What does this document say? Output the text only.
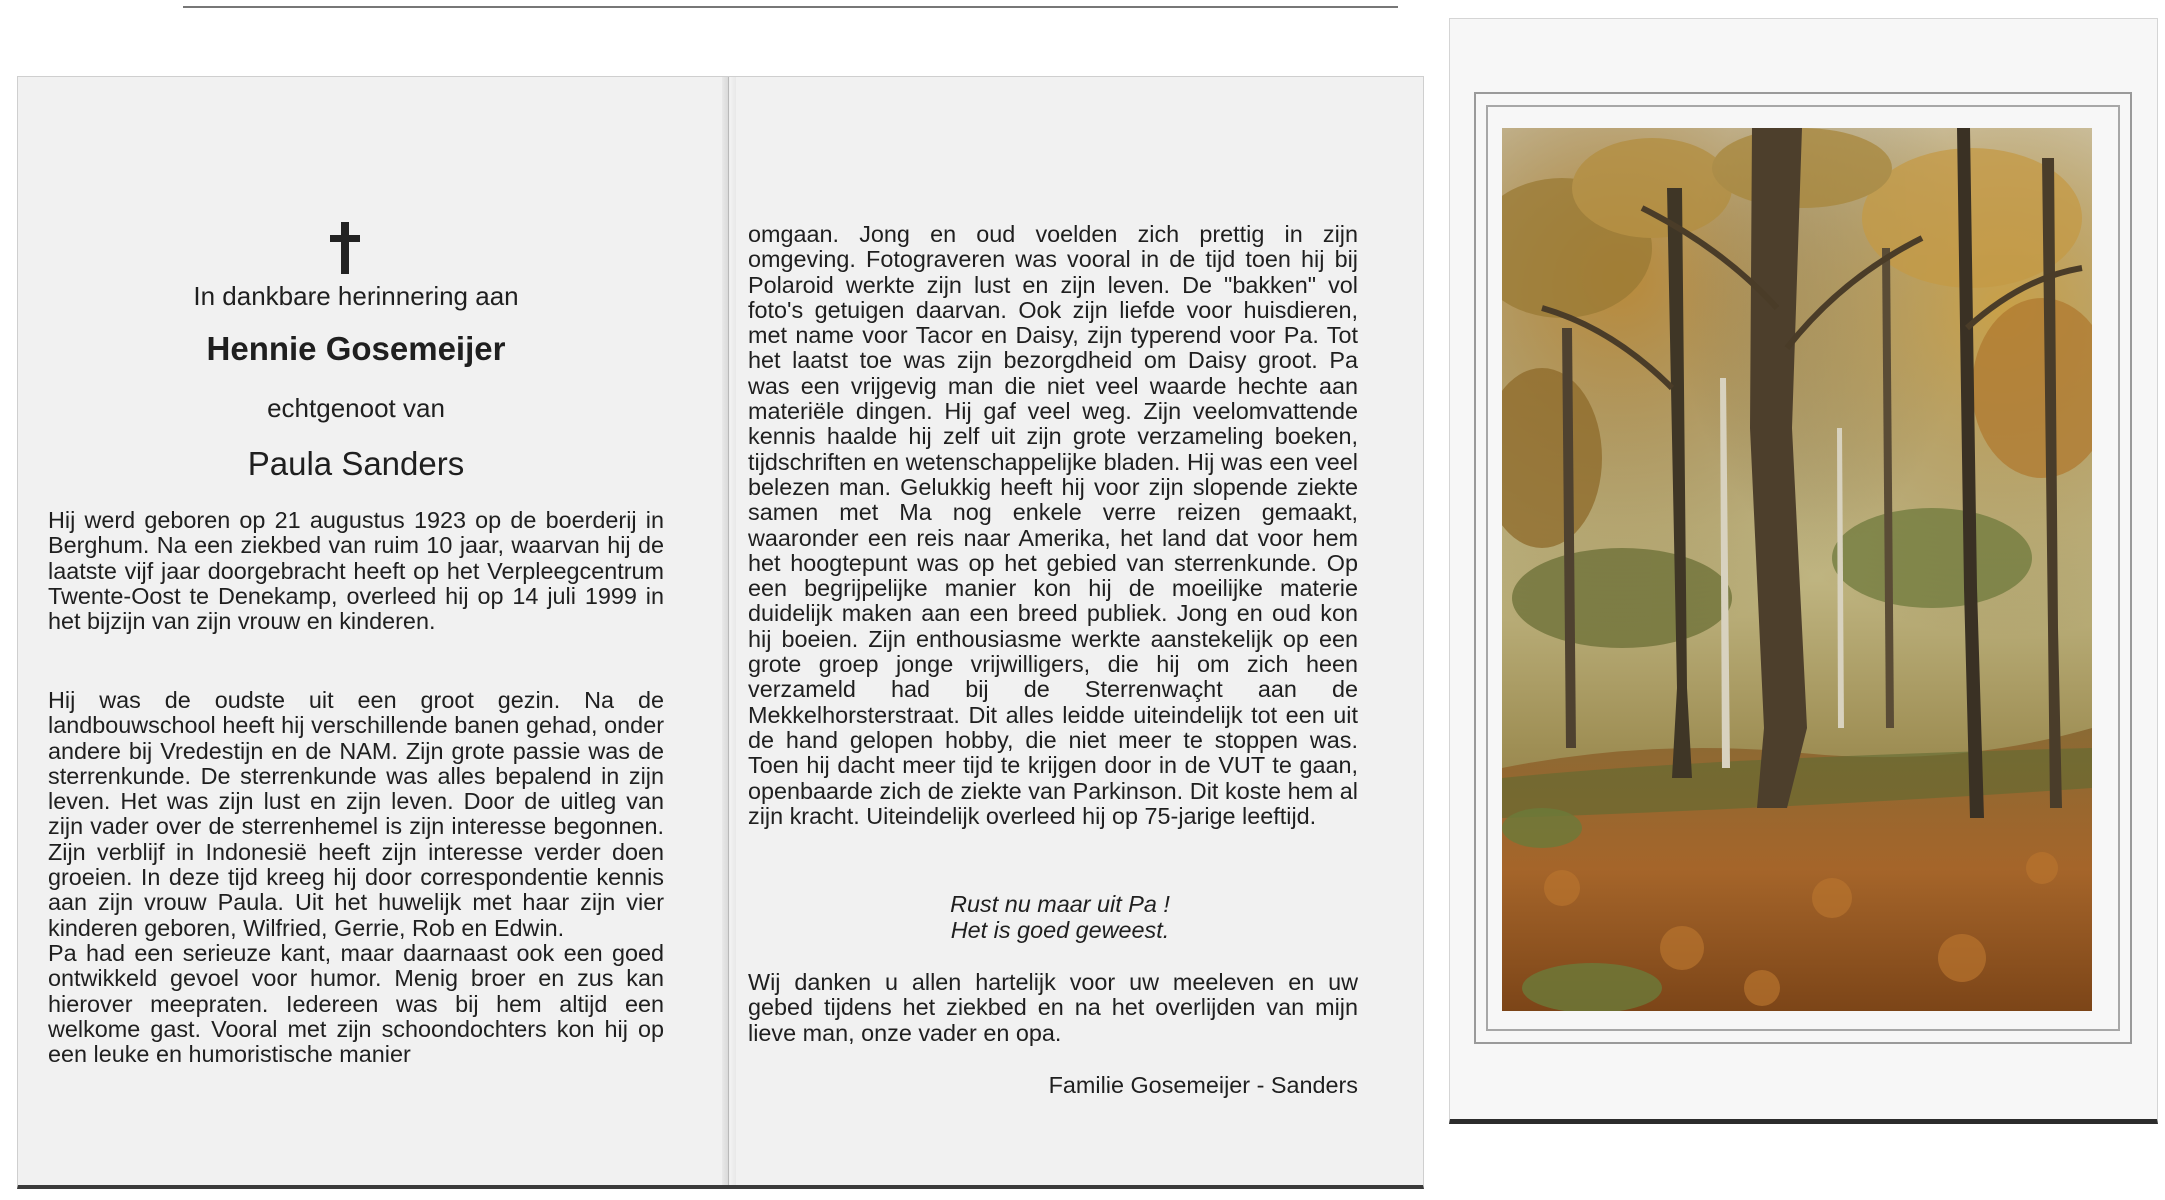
In dankbare herinnering aan
Hennie Gosemeijer
echtgenoot van
Paula Sanders

Hij werd geboren op 21 augustus 1923 op de boerderij in Berghum. Na een ziekbed van ruim 10 jaar, waarvan hij de laatste vijf jaar doorgebracht heeft op het Verpleegcentrum Twente-Oost te Denekamp, overleed hij op 14 juli 1999 in het bijzijn van zijn vrouw en kinderen.

Hij was de oudste uit een groot gezin. Na de landbouwschool heeft hij verschillende banen gehad, onder andere bij Vredestijn en de NAM. Zijn grote passie was de sterrenkunde. De sterrenkunde was alles bepalend in zijn leven. Het was zijn lust en zijn leven. Door de uitleg van zijn vader over de sterrenhemel is zijn interesse begonnen. Zijn verblijf in Indonesië heeft zijn interesse verder doen groeien. In deze tijd kreeg hij door correspondentie kennis aan zijn vrouw Paula. Uit het huwelijk met haar zijn vier kinderen geboren, Wilfried, Gerrie, Rob en Edwin.

Pa had een serieuze kant, maar daarnaast ook een goed ontwikkeld gevoel voor humor. Menig broer en zus kan hierover meepraten. Iedereen was bij hem altijd een welkome gast. Vooral met zijn schoondochters kon hij op een leuke en humoristische manier

omgaan. Jong en oud voelden zich prettig in zijn omgeving. Fotograveren was vooral in de tijd toen hij bij Polaroid werkte zijn lust en zijn leven. De "bakken" vol foto's getuigen daarvan. Ook zijn liefde voor huisdieren, met name voor Tacor en Daisy, zijn typerend voor Pa. Tot het laatst toe was zijn bezorgdheid om Daisy groot. Pa was een vrijgevig man die niet veel waarde hechte aan materiële dingen. Hij gaf veel weg. Zijn veelomvattende kennis haalde hij zelf uit zijn grote verzameling boeken, tijdschriften en wetenschappelijke bladen. Hij was een veel belezen man. Gelukkig heeft hij voor zijn slopende ziekte samen met Ma nog enkele verre reizen gemaakt, waaronder een reis naar Amerika, het land dat voor hem het hoogtepunt was op het gebied van sterrenkunde. Op een begrijpelijke manier kon hij de moeilijke materie duidelijk maken aan een breed publiek. Jong en oud kon hij boeien. Zijn enthousiasme werkte aanstekelijk op een grote groep jonge vrijwilligers, die hij om zich heen verzameld had bij de Sterrenwaçht aan de Mekkelhorsterstraat. Dit alles leidde uiteindelijk tot een uit de hand gelopen hobby, die niet meer te stoppen was. Toen hij dacht meer tijd te krijgen door in de VUT te gaan, openbaarde zich de ziekte van Parkinson. Dit koste hem al zijn kracht. Uiteindelijk overleed hij op 75-jarige leeftijd.

Rust nu maar uit Pa !
Het is goed geweest.
Wij danken u allen hartelijk voor uw meeleven en uw gebed tijdens het ziekbed en na het overlijden van mijn lieve man, onze vader en opa.
Familie Gosemeijer - Sanders
